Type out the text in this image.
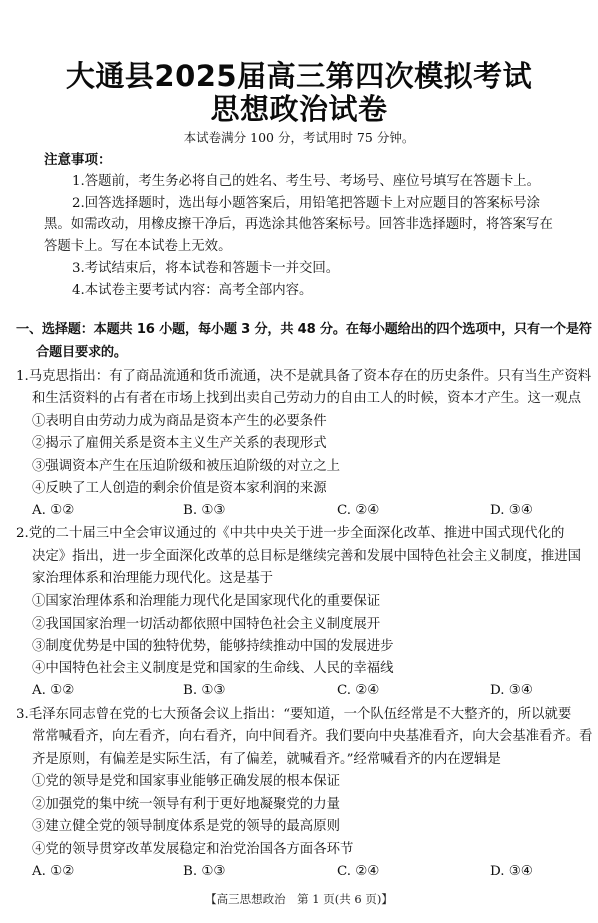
大通县2025届高三第四次模拟考试
思想政治试卷
本试卷满分 100 分，考试用时 75 分钟。
注意事项：
1.答题前，考生务必将自己的姓名、考生号、考场号、座位号填写在答题卡上。
2.回答选择题时，选出每小题答案后，用铅笔把答题卡上对应题目的答案标号涂
黑。如需改动，用橡皮擦干净后，再选涂其他答案标号。回答非选择题时，将答案写在
答题卡上。写在本试卷上无效。
3.考试结束后，将本试卷和答题卡一并交回。
4.本试卷主要考试内容：高考全部内容。
一、选择题：本题共 16 小题，每小题 3 分，共 48 分。在每小题给出的四个选项中，只有一个是符
合题目要求的。
1.马克思指出：有了商品流通和货币流通，决不是就具备了资本存在的历史条件。只有当生产资料
和生活资料的占有者在市场上找到出卖自己劳动力的自由工人的时候，资本才产生。这一观点
①表明自由劳动力成为商品是资本产生的必要条件
②揭示了雇佣关系是资本主义生产关系的表现形式
③强调资本产生在压迫阶级和被压迫阶级的对立之上
④反映了工人创造的剩余价值是资本家利润的来源
A. ①②	B. ①③	C. ②④	D. ③④
2.党的二十届三中全会审议通过的《中共中央关于进一步全面深化改革、推进中国式现代化的
决定》指出，进一步全面深化改革的总目标是继续完善和发展中国特色社会主义制度，推进国
家治理体系和治理能力现代化。这是基于
①国家治理体系和治理能力现代化是国家现代化的重要保证
②我国国家治理一切活动都依照中国特色社会主义制度展开
③制度优势是中国的独特优势，能够持续推动中国的发展进步
④中国特色社会主义制度是党和国家的生命线、人民的幸福线
A. ①②	B. ①③	C. ②④	D. ③④
3.毛泽东同志曾在党的七大预备会议上指出：“要知道，一个队伍经常是不大整齐的，所以就要
常常喊看齐，向左看齐，向右看齐，向中间看齐。我们要向中央基准看齐，向大会基准看齐。看
齐是原则，有偏差是实际生活，有了偏差，就喊看齐。”经常喊看齐的内在逻辑是
①党的领导是党和国家事业能够正确发展的根本保证
②加强党的集中统一领导有利于更好地凝聚党的力量
③建立健全党的领导制度体系是党的领导的最高原则
④党的领导贯穿改革发展稳定和治党治国各方面各环节
A. ①②	B. ①③	C. ②④	D. ③④
【高三思想政治　第 1 页(共 6 页)】
